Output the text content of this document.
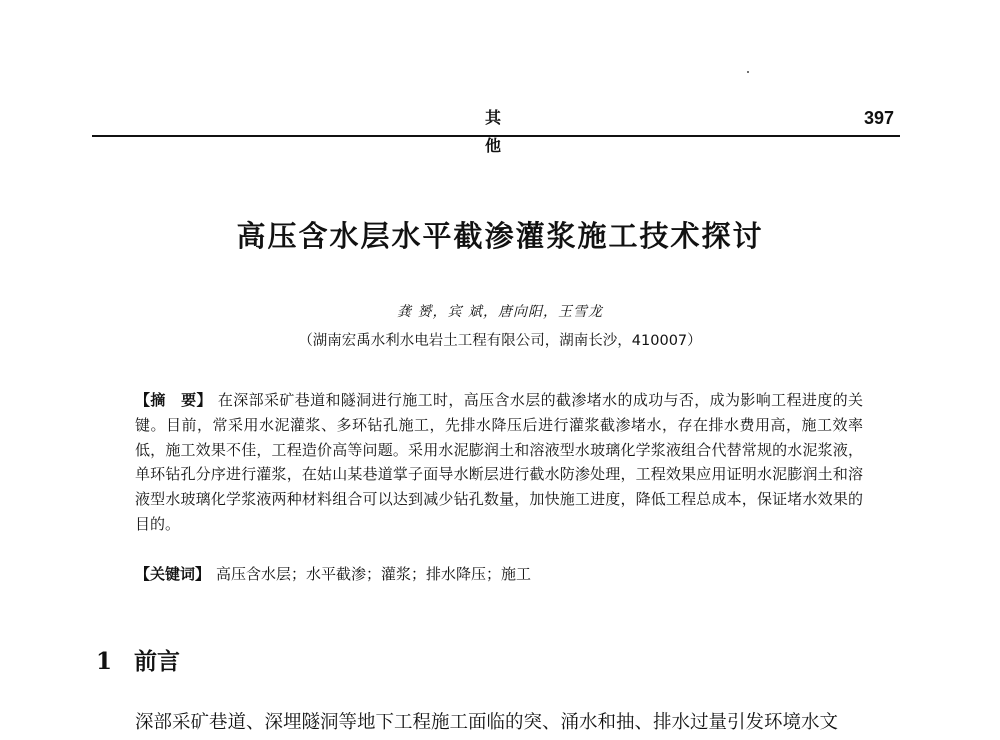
其 他
397
高压含水层水平截渗灌浆施工技术探讨
龚 赟，宾 斌，唐向阳，王雪龙
（湖南宏禹水利水电岩土工程有限公司，湖南长沙，410007）
【摘　要】 在深部采矿巷道和隧洞进行施工时，高压含水层的截渗堵水的成功与否，成为影响工程进度的关键。目前，常采用水泥灌浆、多环钻孔施工，先排水降压后进行灌浆截渗堵水，存在排水费用高，施工效率低，施工效果不佳，工程造价高等问题。采用水泥膨润土和溶液型水玻璃化学浆液组合代替常规的水泥浆液，单环钻孔分序进行灌浆，在姑山某巷道掌子面导水断层进行截水防渗处理，工程效果应用证明水泥膨润土和溶液型水玻璃化学浆液两种材料组合可以达到减少钻孔数量，加快施工进度，降低工程总成本，保证堵水效果的目的。
【关键词】 高压含水层；水平截渗；灌浆；排水降压；施工
1 前言
深部采矿巷道、深埋隧洞等地下工程施工面临的突、涌水和抽、排水过量引发环境水文
